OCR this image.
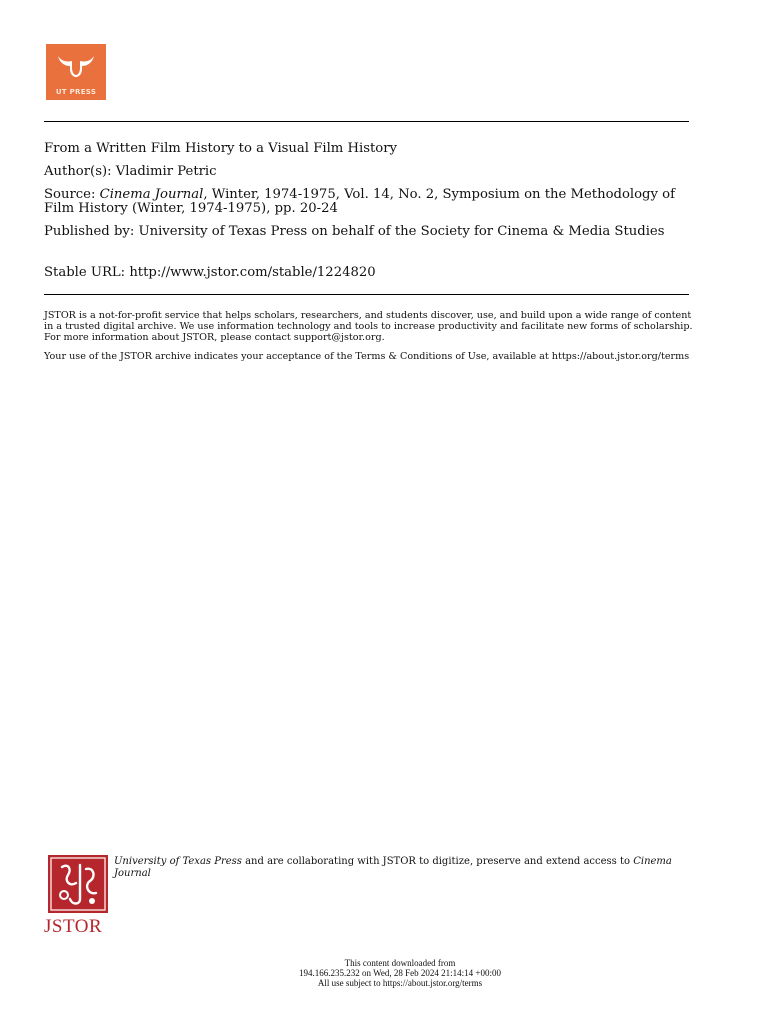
UT PRESS
From a Written Film History to a Visual Film History
Author(s): Vladimir Petric
Source: Cinema Journal, Winter, 1974-1975, Vol. 14, No. 2, Symposium on the Methodology of Film History (Winter, 1974-1975), pp. 20-24
Published by: University of Texas Press on behalf of the Society for Cinema & Media Studies
Stable URL: http://www.jstor.com/stable/1224820
JSTOR is a not-for-profit service that helps scholars, researchers, and students discover, use, and build upon a wide range of content in a trusted digital archive. We use information technology and tools to increase productivity and facilitate new forms of scholarship. For more information about JSTOR, please contact support@jstor.org.
Your use of the JSTOR archive indicates your acceptance of the Terms & Conditions of Use, available at https://about.jstor.org/terms
JSTOR
University of Texas Press and are collaborating with JSTOR to digitize, preserve and extend access to Cinema Journal
This content downloaded from
194.166.235.232 on Wed, 28 Feb 2024 21:14:14 +00:00
All use subject to https://about.jstor.org/terms
